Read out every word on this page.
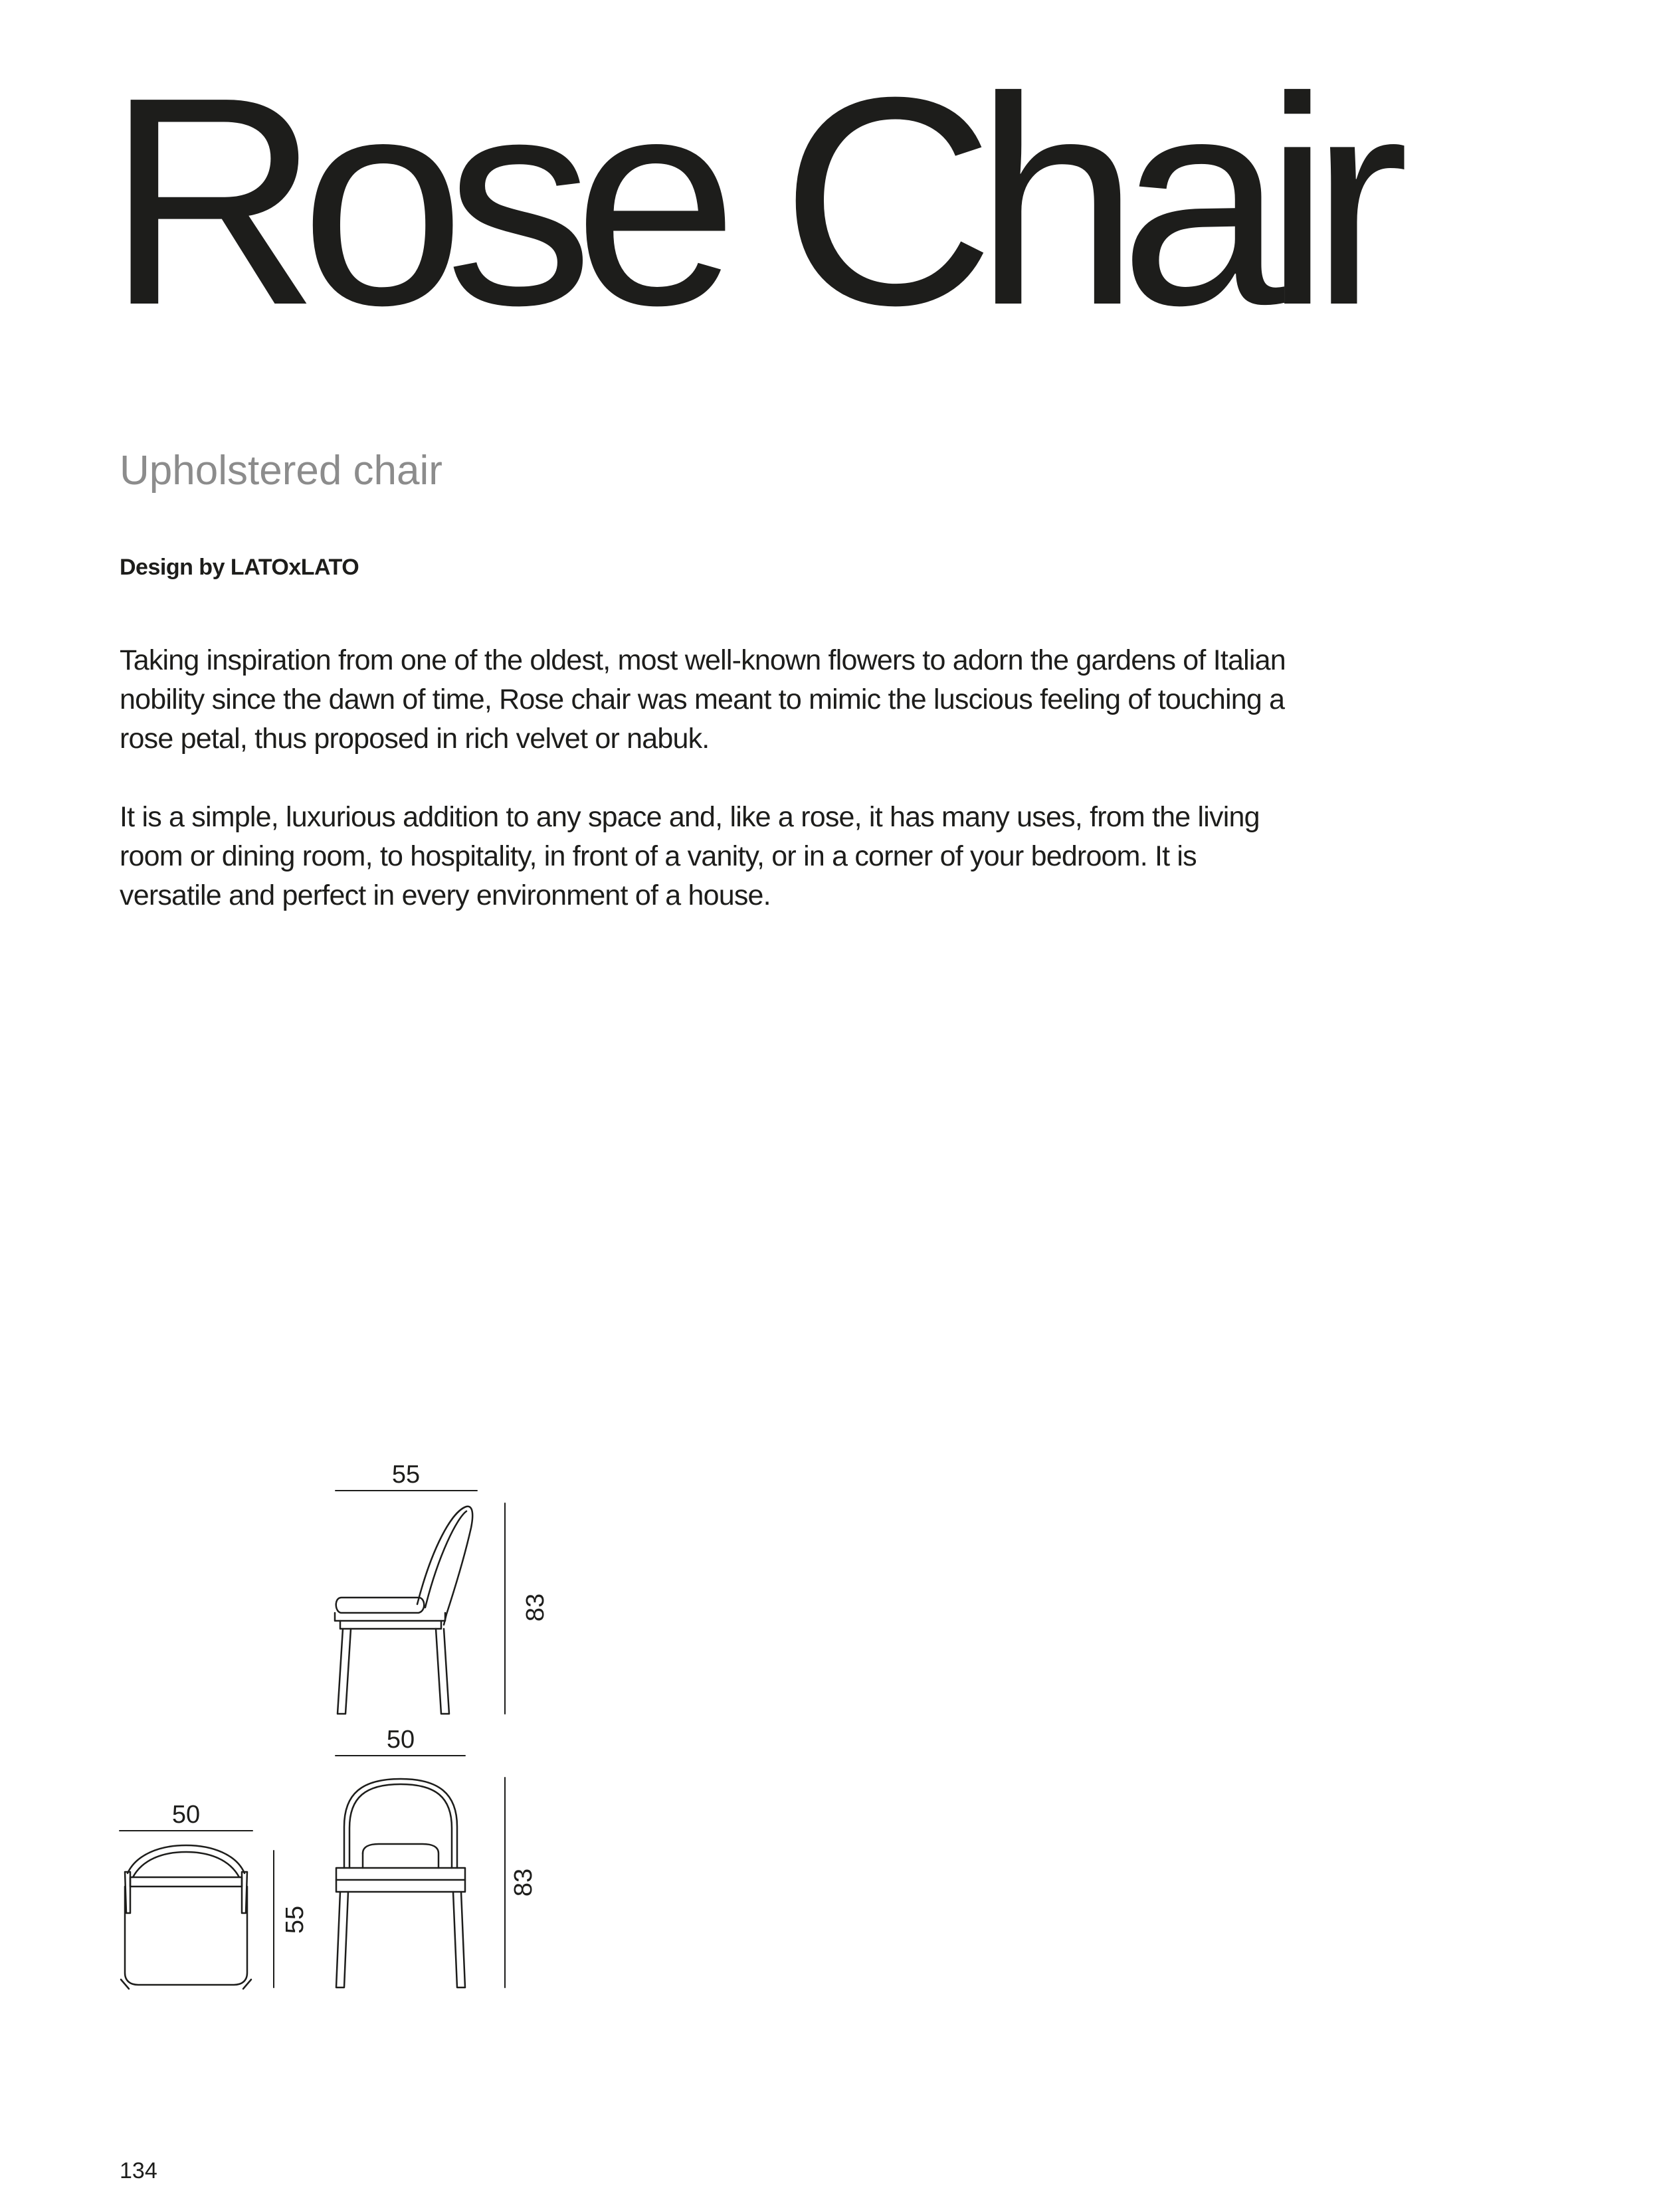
Rose Chair

Upholstered chair

Design by LATOxLATO

Taking inspiration from one of the oldest, most well-known flowers to adorn the gardens of Italian nobility since the dawn of time, Rose chair was meant to mimic the luscious feeling of touching a rose petal, thus proposed in rich velvet or nabuk.

It is a simple, luxurious addition to any space and, like a rose, it has many uses, from the living room or dining room, to hospitality, in front of a vanity, or in a corner of your bedroom. It is versatile and perfect in every environment of a house.

55
83
50
83
50
55

134
